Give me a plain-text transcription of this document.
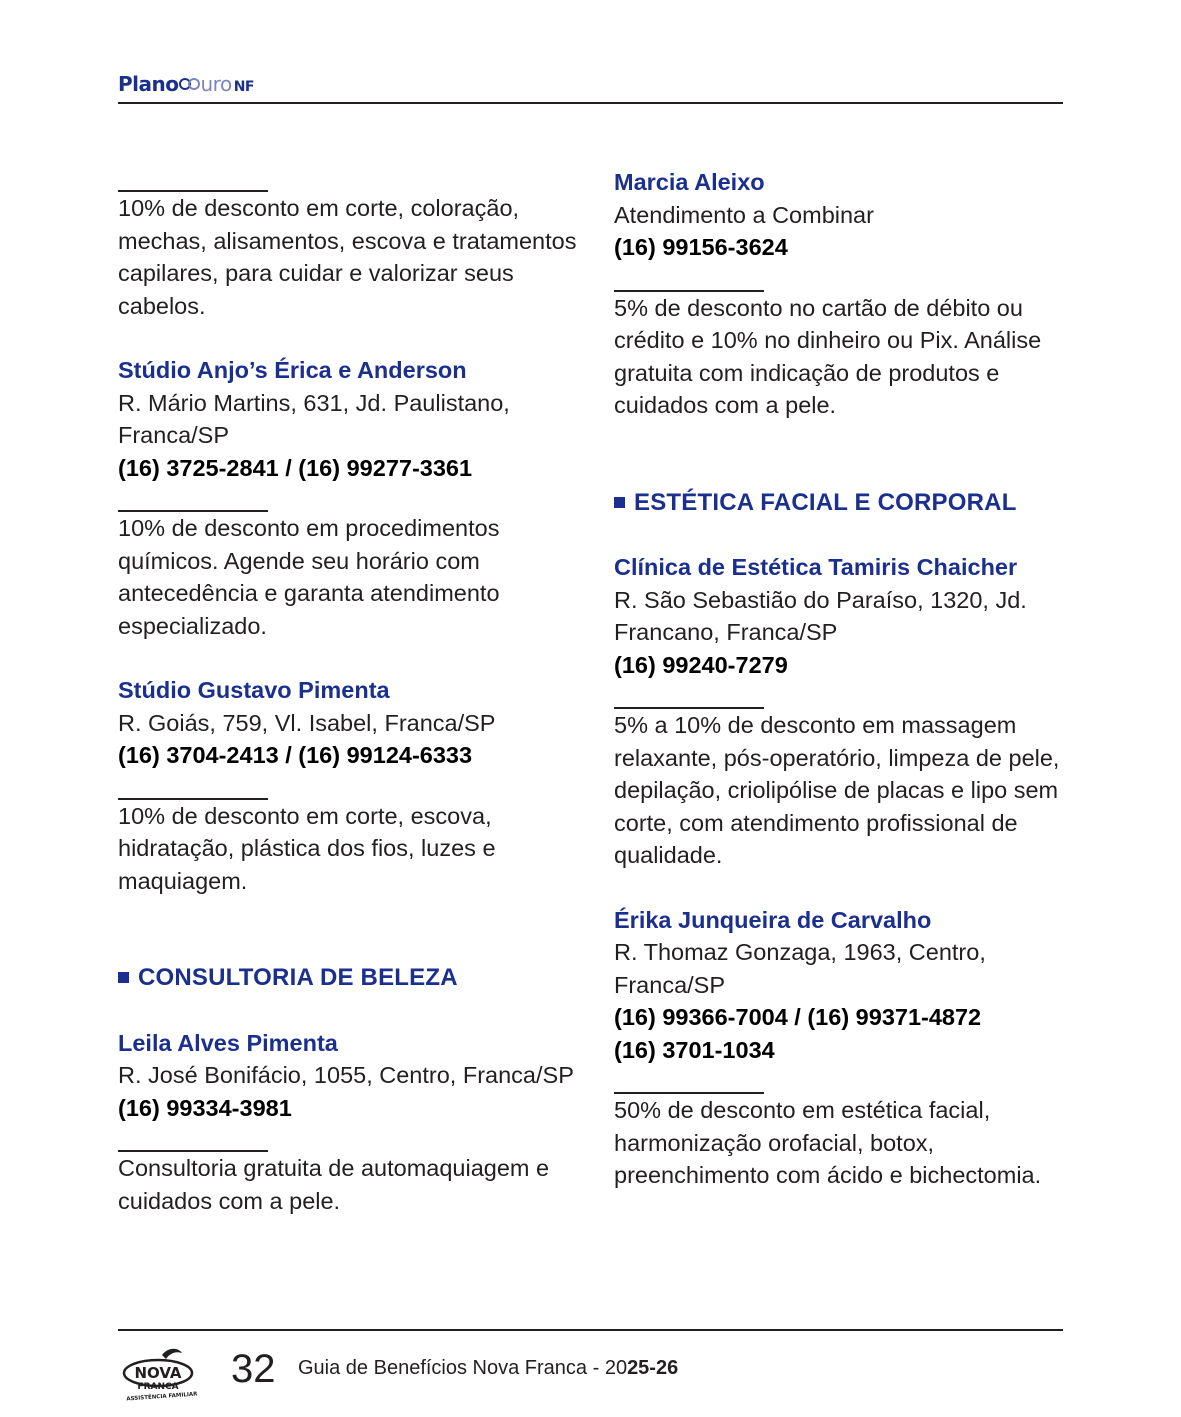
Plano uro NF
10% de desconto em corte, coloração, mechas, alisamentos, escova e tratamentos capilares, para cuidar e valorizar seus cabelos.
Stúdio Anjo’s Érica e Anderson
R. Mário Martins, 631, Jd. Paulistano, Franca/SP
(16) 3725-2841 / (16) 99277-3361
10% de desconto em procedimentos químicos. Agende seu horário com antecedência e garanta atendimento especializado.
Stúdio Gustavo Pimenta
R. Goiás, 759, Vl. Isabel, Franca/SP
(16) 3704-2413 / (16) 99124-6333
10% de desconto em corte, escova, hidratação, plástica dos fios, luzes e maquiagem.
CONSULTORIA DE BELEZA
Leila Alves Pimenta
R. José Bonifácio, 1055, Centro, Franca/SP
(16) 99334-3981
Consultoria gratuita de automaquiagem e cuidados com a pele.
Marcia Aleixo
Atendimento a Combinar
(16) 99156-3624
5% de desconto no cartão de débito ou crédito e 10% no dinheiro ou Pix. Análise gratuita com indicação de produtos e cuidados com a pele.
ESTÉTICA FACIAL E CORPORAL
Clínica de Estética Tamiris Chaicher
R. São Sebastião do Paraíso, 1320, Jd. Francano, Franca/SP
(16) 99240-7279
5% a 10% de desconto em massagem relaxante, pós-operatório, limpeza de pele, depilação, criolipólise de placas e lipo sem corte, com atendimento profissional de qualidade.
Érika Junqueira de Carvalho
R. Thomaz Gonzaga, 1963, Centro, Franca/SP
(16) 99366-7004 / (16) 99371-4872
(16) 3701-1034
50% de desconto em estética facial, harmonização orofacial, botox, preenchimento com ácido e bichectomia.
NOVA
FRANCA
ASSISTÊNCIA FAMILIAR
32 Guia de Benefícios Nova Franca - 2025-26
